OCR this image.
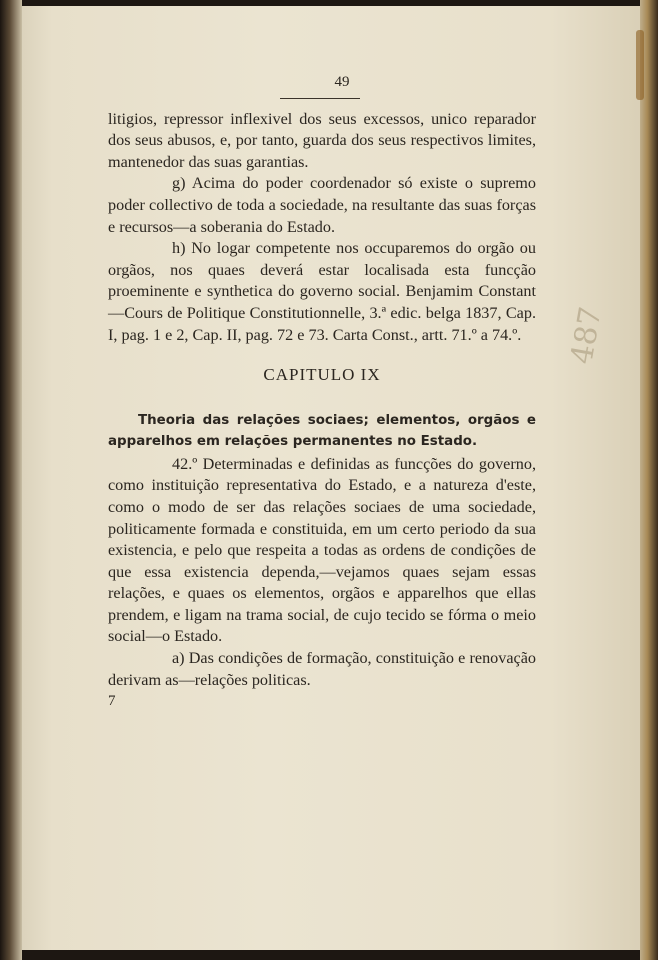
49

litigios, repressor inflexivel dos seus excessos, unico reparador dos seus abusos, e, por tanto, guarda dos seus respectivos limites, mantenedor das suas garantias.

g) Acima do poder coordenador só existe o supremo poder collectivo de toda a sociedade, na resultante das suas forças e recursos—a soberania do Estado.

h) No logar competente nos occuparemos do orgão ou orgãos, nos quaes deverá estar localisada esta funcção proeminente e synthetica do governo social. Benjamim Constant—Cours de Politique Constitutionnelle, 3.ª edic. belga 1837, Cap. I, pag. 1 e 2, Cap. II, pag. 72 e 73. Carta Const., artt. 71.º a 74.º.

CAPITULO IX
Theoria das relações sociaes; elementos, orgãos e apparelhos em relações permanentes no Estado.

42.º Determinadas e definidas as funcções do governo, como instituição representativa do Estado, e a natureza d'este, como o modo de ser das relações sociaes de uma sociedade, politicamente formada e constituida, em um certo periodo da sua existencia, e pelo que respeita a todas as ordens de condições de que essa existencia dependa,—vejamos quaes sejam essas relações, e quaes os elementos, orgãos e apparelhos que ellas prendem, e ligam na trama social, de cujo tecido se fórma o meio social—o Estado.

a) Das condições de formação, constituição e renovação derivam as—relações politicas.

7
487
